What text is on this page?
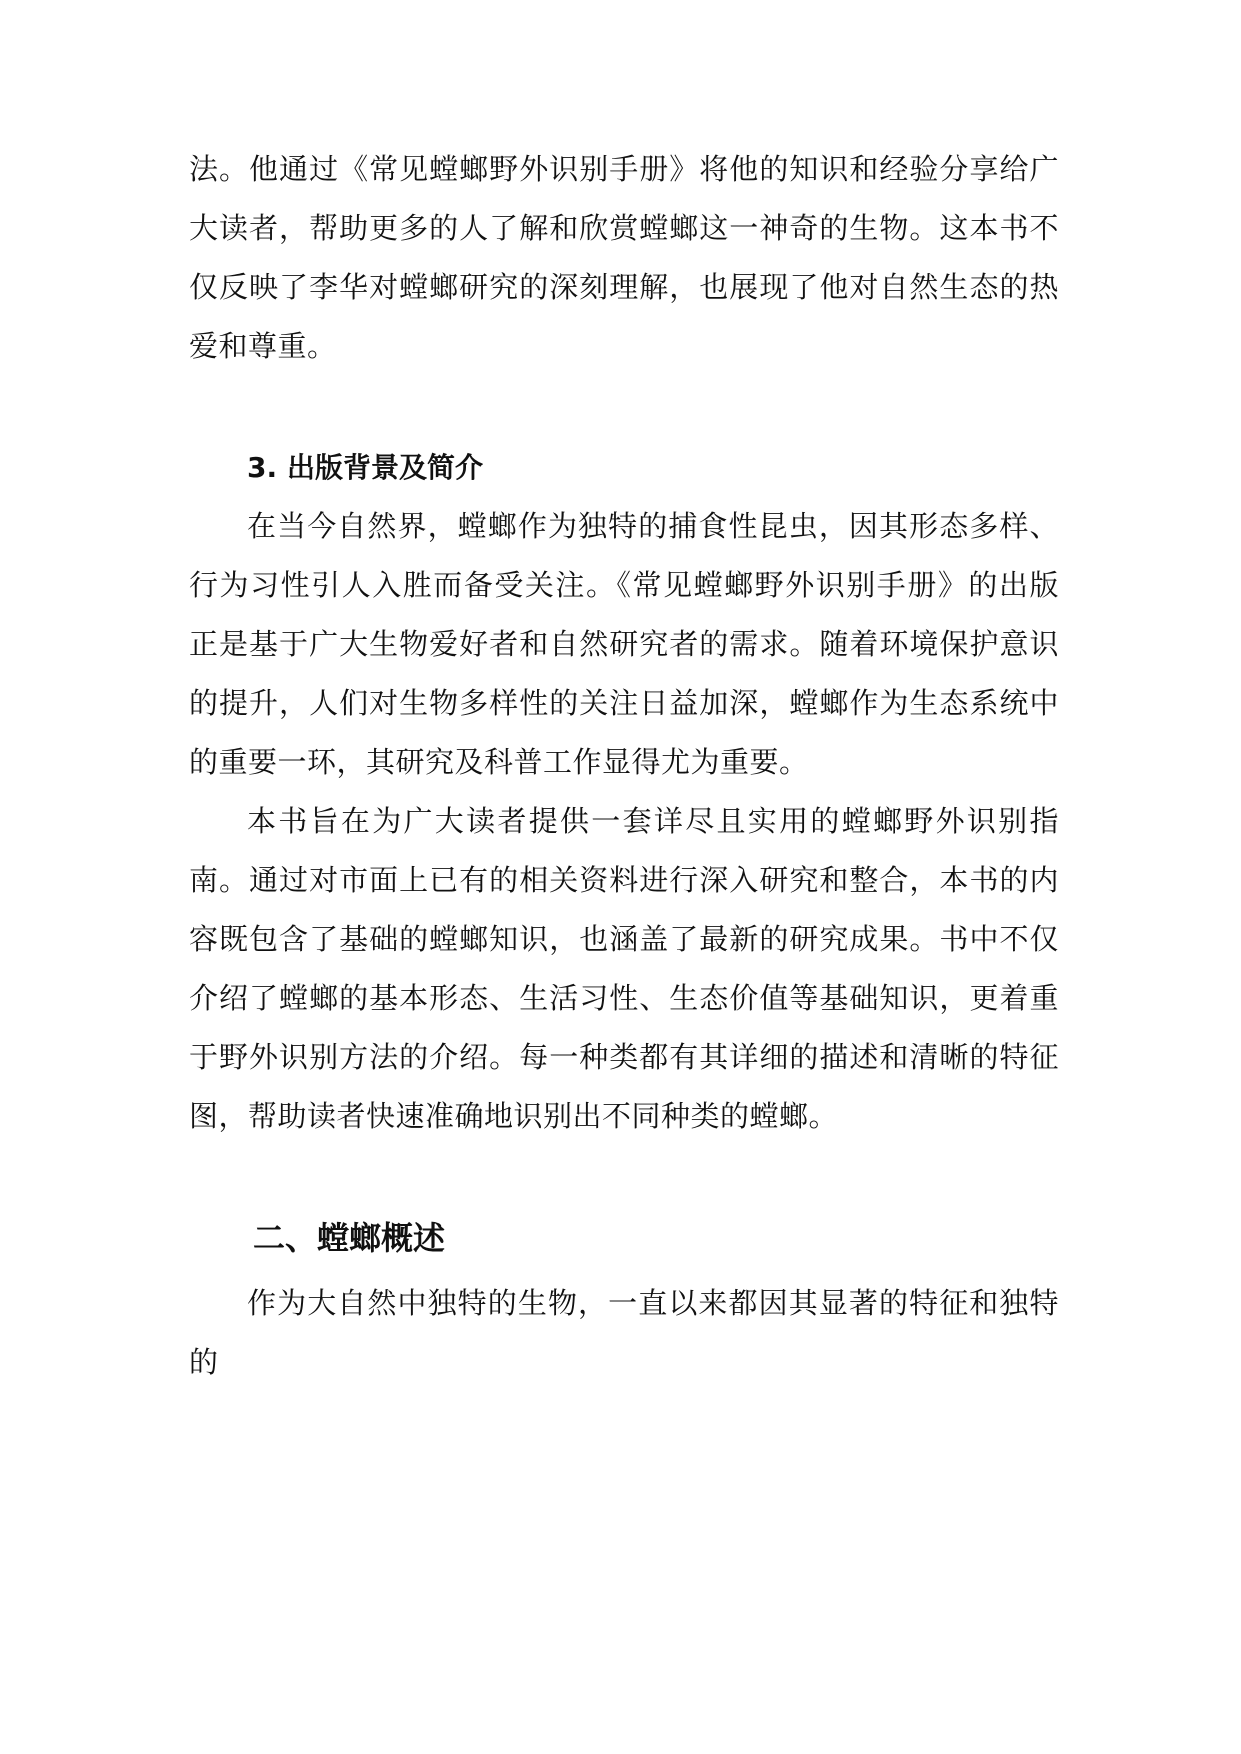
法。他通过《常见螳螂野外识别手册》将他的知识和经验分享给广大读者，帮助更多的人了解和欣赏螳螂这一神奇的生物。这本书不仅反映了李华对螳螂研究的深刻理解，也展现了他对自然生态的热爱和尊重。

3. 出版背景及简介

在当今自然界，螳螂作为独特的捕食性昆虫，因其形态多样、行为习性引人入胜而备受关注。《常见螳螂野外识别手册》的出版正是基于广大生物爱好者和自然研究者的需求。随着环境保护意识的提升，人们对生物多样性的关注日益加深，螳螂作为生态系统中的重要一环，其研究及科普工作显得尤为重要。

本书旨在为广大读者提供一套详尽且实用的螳螂野外识别指南。通过对市面上已有的相关资料进行深入研究和整合，本书的内容既包含了基础的螳螂知识，也涵盖了最新的研究成果。书中不仅介绍了螳螂的基本形态、生活习性、生态价值等基础知识，更着重于野外识别方法的介绍。每一种类都有其详细的描述和清晰的特征图，帮助读者快速准确地识别出不同种类的螳螂。

二、螳螂概述

作为大自然中独特的生物，一直以来都因其显著的特征和独特的
